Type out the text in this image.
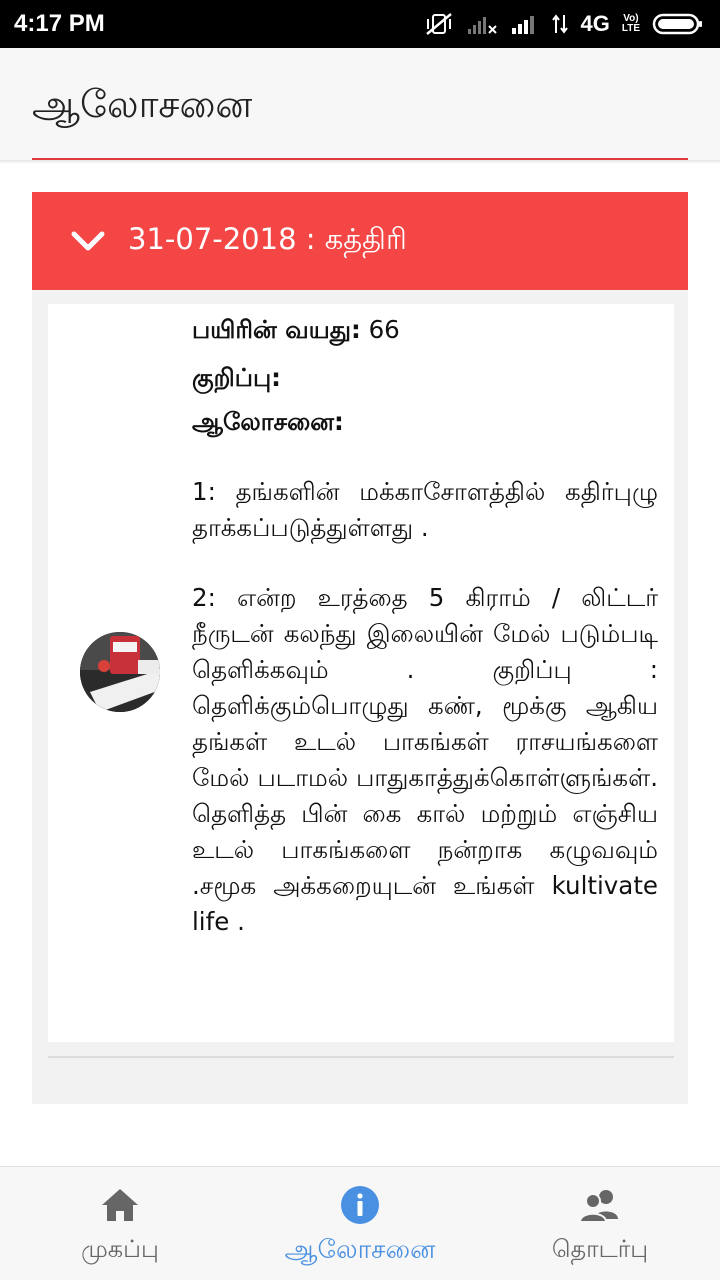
4:17 PM	4G Vo)
LTE
ஆலோசனை
31-07-2018 : கத்திரி
பயிரின் வயது: 66
குறிப்பு:
ஆலோசனை:

1: தங்களின் மக்காசோளத்தில் கதிர்புழு தாக்கப்படுத்துள்ளது .

2: என்ற உரத்தை 5 கிராம் / லிட்டர் நீருடன் கலந்து இலையின் மேல் படும்படி தெளிக்கவும் . குறிப்பு : தெளிக்கும்பொழுது கண், மூக்கு ஆகிய தங்கள் உடல் பாகங்கள் ராசயங்களை மேல் படாமல் பாதுகாத்துக்கொள்ளுங்கள். தெளித்த பின் கை கால் மற்றும் எஞ்சிய உடல் பாகங்களை நன்றாக கழுவவும் .சமூக அக்கறையுடன் உங்கள் kultivate life .

முகப்பு	ஆலோசனை	தொடர்பு
